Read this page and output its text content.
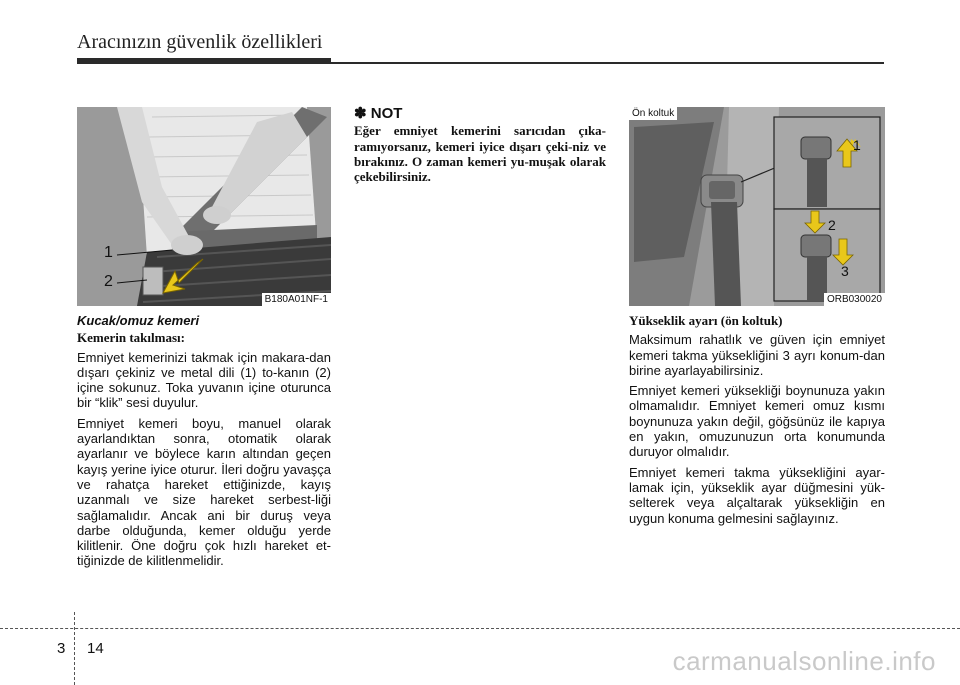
Aracınızın güvenlik özellikleri
1
2
B180A01NF-1
Kucak/omuz kemeri
Kemerin takılması:

Emniyet kemerinizi takmak için makara-dan dışarı çekiniz ve metal dili (1) to-kanın (2) içine sokunuz. Toka yuvanın içine oturunca bir “klik” sesi duyulur.

Emniyet kemeri boyu, manuel olarak ayarlandıktan sonra, otomatik olarak ayarlanır ve böylece karın altından geçen kayış yerine iyice oturur. İleri doğru yavaşça ve rahatça hareket ettiğinizde, kayış uzanmalı ve size hareket serbest-liği sağlamalıdır. Ancak ani bir duruş veya darbe olduğunda, kemer olduğu yerde kilitlenir. Öne doğru çok hızlı hareket et-tiğinizde de kilitlenmelidir.

✽ NOT
Eğer emniyet kemerini sarıcıdan çıka-ramıyorsanız, kemeri iyice dışarı çeki-niz ve bırakınız. O zaman kemeri yu-muşak olarak çekebilirsiniz.
Ön koltuk
1
2
3
ORB030020
Yükseklik ayarı (ön koltuk)

Maksimum rahatlık ve güven için emniyet kemeri takma yüksekliğini 3 ayrı konum-dan birine ayarlayabilirsiniz.

Emniyet kemeri yüksekliği boynunuza yakın olmamalıdır. Emniyet kemeri omuz kısmı boynunuza yakın değil, göğsünüz ile kapıya en yakın, omuzunuzun orta konumunda duruyor olmalıdır.

Emniyet kemeri takma yüksekliğini ayar-lamak için, yükseklik ayar düğmesini yük-selterek veya alçaltarak yüksekliğin en uygun konuma gelmesini sağlayınız.

3 14	carmanualsonline.info
